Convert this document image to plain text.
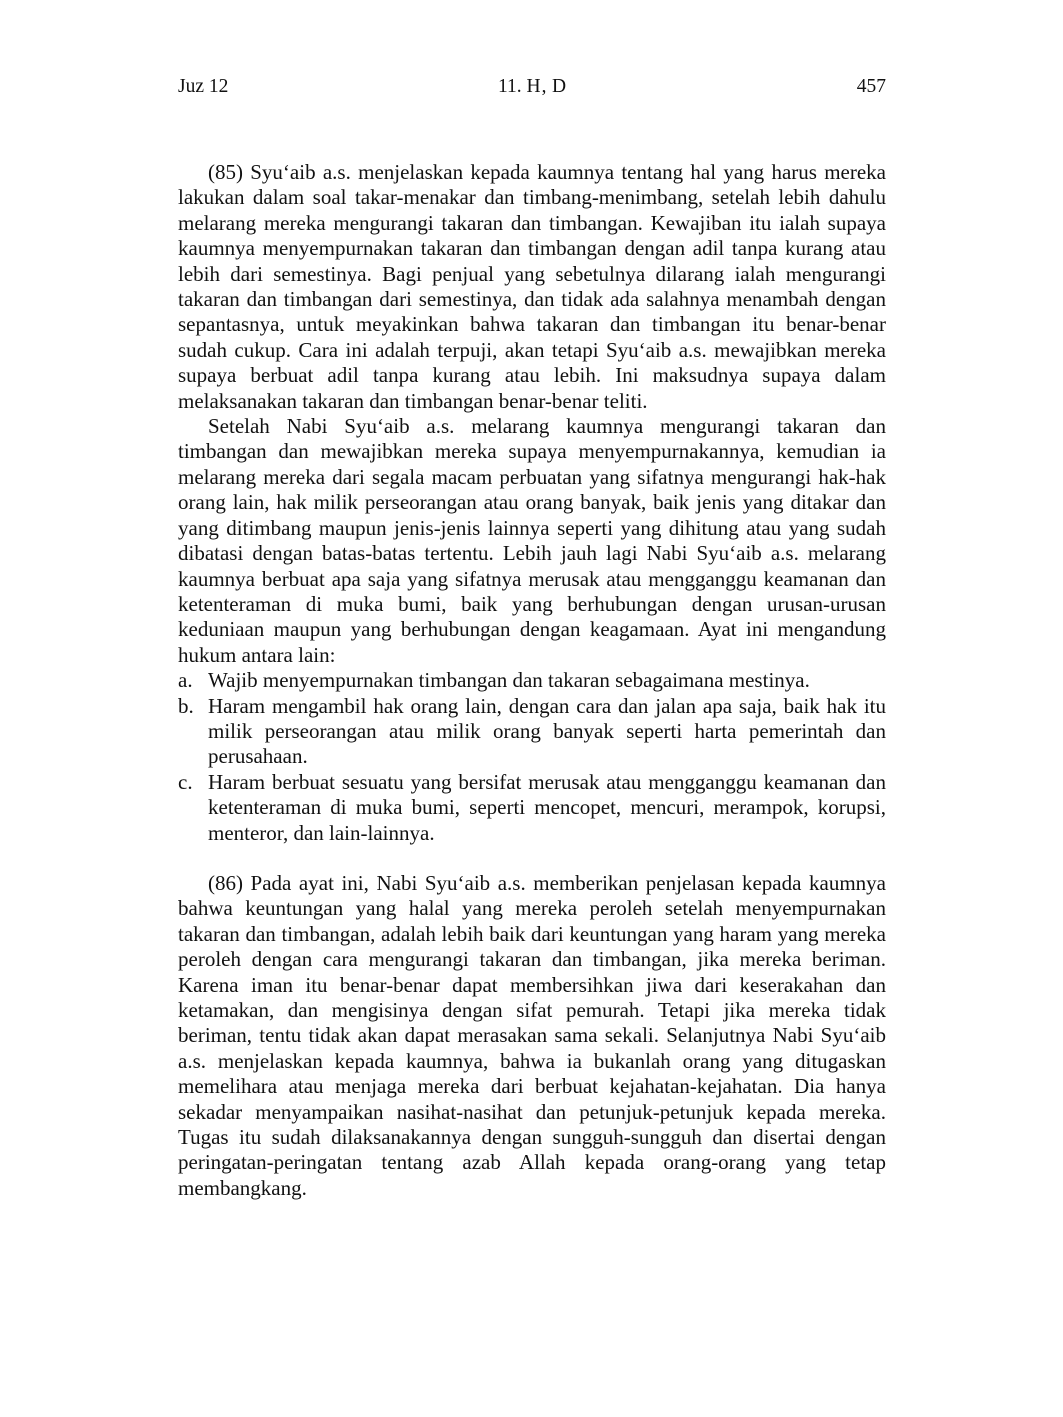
Juz 12	11. H‚ D	457

(85) Syu‘aib a.s. menjelaskan kepada kaumnya tentang hal yang harus mereka lakukan dalam soal takar-menakar dan timbang-menimbang, setelah lebih dahulu melarang mereka mengurangi takaran dan timbangan. Kewajiban itu ialah supaya kaumnya menyempurnakan takaran dan timbangan dengan adil tanpa kurang atau lebih dari semestinya. Bagi penjual yang sebetulnya dilarang ialah mengurangi takaran dan timbangan dari semestinya, dan tidak ada salahnya menambah dengan sepantasnya, untuk meyakinkan bahwa takaran dan timbangan itu benar-benar sudah cukup. Cara ini adalah terpuji, akan tetapi Syu‘aib a.s. mewajibkan mereka supaya berbuat adil tanpa kurang atau lebih. Ini maksudnya supaya dalam melaksanakan takaran dan timbangan benar-benar teliti.

Setelah Nabi Syu‘aib a.s. melarang kaumnya mengurangi takaran dan timbangan dan mewajibkan mereka supaya menyempurnakannya, kemudian ia melarang mereka dari segala macam perbuatan yang sifatnya mengurangi hak-hak orang lain, hak milik perseorangan atau orang banyak, baik jenis yang ditakar dan yang ditimbang maupun jenis-jenis lainnya seperti yang dihitung atau yang sudah dibatasi dengan batas-batas tertentu. Lebih jauh lagi Nabi Syu‘aib a.s. melarang kaumnya berbuat apa saja yang sifatnya merusak atau mengganggu keamanan dan ketenteraman di muka bumi, baik yang berhubungan dengan urusan-urusan keduniaan maupun yang berhubungan dengan keagamaan. Ayat ini mengandung hukum antara lain:

a. Wajib menyempurnakan timbangan dan takaran sebagaimana mestinya.
b. Haram mengambil hak orang lain, dengan cara dan jalan apa saja, baik hak itu milik perseorangan atau milik orang banyak seperti harta pemerintah dan perusahaan.
c. Haram berbuat sesuatu yang bersifat merusak atau mengganggu keamanan dan ketenteraman di muka bumi, seperti mencopet, mencuri, merampok, korupsi, menteror, dan lain-lainnya.

(86) Pada ayat ini, Nabi Syu‘aib a.s. memberikan penjelasan kepada kaumnya bahwa keuntungan yang halal yang mereka peroleh setelah menyempurnakan takaran dan timbangan, adalah lebih baik dari keuntungan yang haram yang mereka peroleh dengan cara mengurangi takaran dan timbangan, jika mereka beriman. Karena iman itu benar-benar dapat membersihkan jiwa dari keserakahan dan ketamakan, dan mengisinya dengan sifat pemurah. Tetapi jika mereka tidak beriman, tentu tidak akan dapat merasakan sama sekali. Selanjutnya Nabi Syu‘aib a.s. menjelaskan kepada kaumnya, bahwa ia bukanlah orang yang ditugaskan memelihara atau menjaga mereka dari berbuat kejahatan-kejahatan. Dia hanya sekadar menyampaikan nasihat-nasihat dan petunjuk-petunjuk kepada mereka. Tugas itu sudah dilaksanakannya dengan sungguh-sungguh dan disertai dengan peringatan-peringatan tentang azab Allah kepada orang-orang yang tetap membangkang.
